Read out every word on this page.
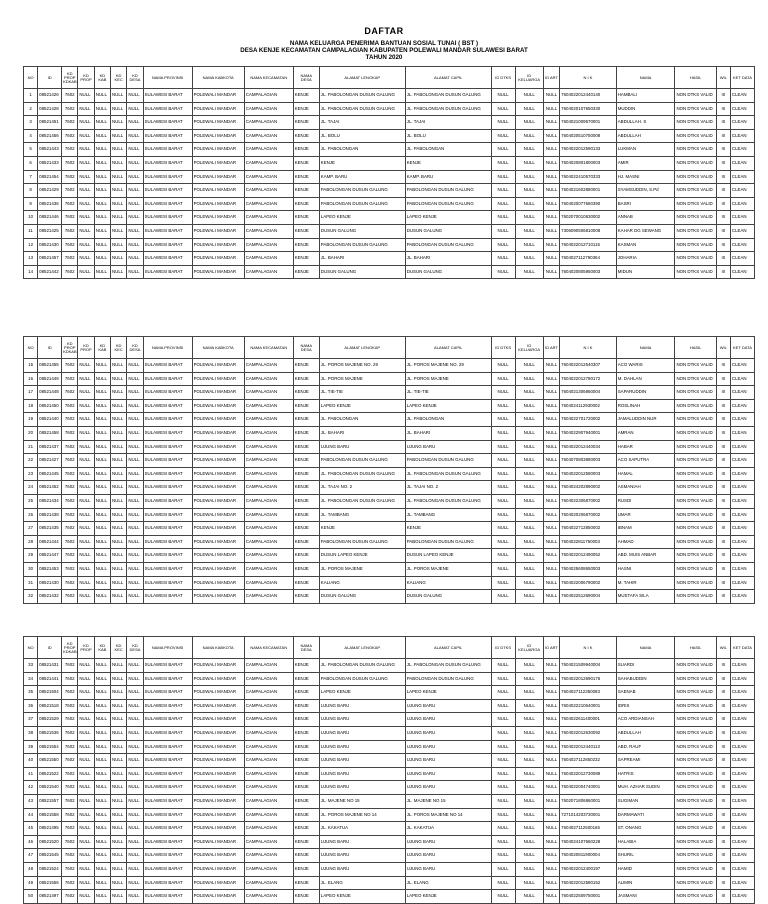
DAFTAR
NAMA KELUARGA PENERIMA BANTUAN SOSIAL TUNAI ( BST )
DESA KENJE KECAMATAN CAMPALAGIAN KABUPATEN POLEWALI MANDAR SULAWESI BARAT
TAHUN 2020
NO	ID	KD PROP KDKAB	KD PROP	KD KAB	KD KEC	KD DESA	NAMA PROVINSI	NAMA KABKOTA	NAMA KECAMATAN	NAMA DESA	ALAMAT LENGKAP	ALAMAT CAPIL	ID DTKS	ID KELUARGA	ID ART	N I K	NAMA	HASIL	WIL	KET DATA
1	08521426	7602	NULL	NULL	NULL	NULL	SULAWESI BARAT	POLEWALI MANDAR	CAMPALAGIAN	KENJE	JL. PABOLONGAN DUSUN GALUNG	JL. PABOLONGAN DUSUN GALUNG	NULL	NULL	NULL	7604022012440140	HAMBALI	NON DTKS VALID	III	CLEAN
2	08521428	7602	NULL	NULL	NULL	NULL	SULAWESI BARAT	POLEWALI MANDAR	CAMPALAGIAN	KENJE	JL. PABOLONGAN DUSUN GALUNG	JL. PABOLONGAN DUSUN GALUNG	NULL	NULL	NULL	7604020107650330	MUDDIN	NON DTKS VALID	III	CLEAN
3	08521451	7602	NULL	NULL	NULL	NULL	SULAWESI BARAT	POLEWALI MANDAR	CAMPALAGIAN	KENJE	JL. TAJAI	JL. TAJAI	NULL	NULL	NULL	7604021009570001	ABDULLAH. S	NON DTKS VALID	III	CLEAN
4	08521456	7602	NULL	NULL	NULL	NULL	SULAWESI BARAT	POLEWALI MANDAR	CAMPALAGIAN	KENJE	JL. BOLU	JL. BOLU	NULL	NULL	NULL	7604020510750008	ABDULLAH	NON DTKS VALID	III	CLEAN
5	08521443	7602	NULL	NULL	NULL	NULL	SULAWESI BARAT	POLEWALI MANDAR	CAMPALAGIAN	KENJE	JL. PABOLONGAN	JL. PABOLONGAN	NULL	NULL	NULL	7604022012590133	LUKMAN	NON DTKS VALID	III	CLEAN
6	08521433	7602	NULL	NULL	NULL	NULL	SULAWESI BARAT	POLEWALI MANDAR	CAMPALAGIAN	KENJE	KENJE	KENJE	NULL	NULL	NULL	7604020801800003	AMIR	NON DTKS VALID	III	CLEAN
7	08521454	7602	NULL	NULL	NULL	NULL	SULAWESI BARAT	POLEWALI MANDAR	CAMPALAGIAN	KENJE	KAMP. BARU	KAMP. BARU	NULL	NULL	NULL	7604022410570333	HJ. MASNI	NON DTKS VALID	III	CLEAN
8	08521429	7602	NULL	NULL	NULL	NULL	SULAWESI BARAT	POLEWALI MANDAR	CAMPALAGIAN	KENJE	PABOLONGAN DUSUN GALUNG	PABOLONGAN DUSUN GALUNG	NULL	NULL	NULL	7604021602880001	SYAMSUDDIN, S.Pd	NON DTKS VALID	III	CLEAN
9	08521436	7602	NULL	NULL	NULL	NULL	SULAWESI BARAT	POLEWALI MANDAR	CAMPALAGIAN	KENJE	PABOLONGAN DUSUN GALUNG	PABOLONGAN DUSUN GALUNG	NULL	NULL	NULL	7604020077660390	BASRI	NON DTKS VALID	III	CLEAN
10	08521446	7602	NULL	NULL	NULL	NULL	SULAWESI BARAT	POLEWALI MANDAR	CAMPALAGIAN	KENJE	LAPEO KENJE	LAPEO KENJE	NULL	NULL	NULL	7602070010830002	ANNAB	NON DTKS VALID	III	CLEAN
11	08521425	7602	NULL	NULL	NULL	NULL	SULAWESI BARAT	POLEWALI MANDAR	CAMPALAGIAN	KENJE	DUSUN GALUNG	DUSUN GALUNG	NULL	NULL	NULL	7306090506810008	KAHAR DG SEWANG	NON DTKS VALID	III	CLEAN
12	08521430	7602	NULL	NULL	NULL	NULL	SULAWESI BARAT	POLEWALI MANDAR	CAMPALAGIAN	KENJE	PABOLONGAN DUSUN GALUNG	PABOLONGAN DUSUN GALUNG	NULL	NULL	NULL	7604022012710115	KASMAN	NON DTKS VALID	III	CLEAN
13	08521457	7602	NULL	NULL	NULL	NULL	SULAWESI BARAT	POLEWALI MANDAR	CAMPALAGIAN	KENJE	JL. BAHARI	JL. BAHARI	NULL	NULL	NULL	7604027112790364	JOHARIA	NON DTKS VALID	III	CLEAN
14	08521442	7602	NULL	NULL	NULL	NULL	SULAWESI BARAT	POLEWALI MANDAR	CAMPALAGIAN	KENJE	DUSUN GALUNG	DUSUN GALUNG	NULL	NULL	NULL	7604020805950003	MIDUN	NON DTKS VALID	III	CLEAN
NO	ID	KD PROP KDKAB	KD PROP	KD KAB	KD KEC	KD DESA	NAMA PROVINSI	NAMA KABKOTA	NAMA KECAMATAN	NAMA DESA	ALAMAT LENGKAP	ALAMAT CAPIL	ID DTKS	ID KELUARGA	ID ART	N I K	NAMA	HASIL	WIL	KET DATA
15	08521455	7602	NULL	NULL	NULL	NULL	SULAWESI BARAT	POLEWALI MANDAR	CAMPALAGIAN	KENJE	JL. POROS MAJENE NO. 29	JL. POROS MAJENE NO. 29	NULL	NULL	NULL	7604022012540307	ACO WARIS	NON DTKS VALID	III	CLEAN
16	08521449	7602	NULL	NULL	NULL	NULL	SULAWESI BARAT	POLEWALI MANDAR	CAMPALAGIAN	KENJE	JL. POROS MAJENE	JL. POROS MAJENE	NULL	NULL	NULL	7604022012780172	M. DAHLAN	NON DTKS VALID	III	CLEAN
17	08521448	7602	NULL	NULL	NULL	NULL	SULAWESI BARAT	POLEWALI MANDAR	CAMPALAGIAN	KENJE	JL. TIE-TIE	JL. TIE-TIE	NULL	NULL	NULL	7604021306860004	SAPARUDDIN	NON DTKS VALID	III	CLEAN
18	08521450	7602	NULL	NULL	NULL	NULL	SULAWESI BARAT	POLEWALI MANDAR	CAMPALAGIAN	KENJE	LAPEO KENJE	LAPEO KENJE	NULL	NULL	NULL	7604024112930002	ROSLINAH	NON DTKS VALID	III	CLEAN
19	08521440	7602	NULL	NULL	NULL	NULL	SULAWESI BARAT	POLEWALI MANDAR	CAMPALAGIAN	KENJE	JL. PABOLONGAN	JL. PABOLONGAN	NULL	NULL	NULL	7604022701720002	JAMALUDDIN NUR	NON DTKS VALID	III	CLEAN
20	08521458	7602	NULL	NULL	NULL	NULL	SULAWESI BARAT	POLEWALI MANDAR	CAMPALAGIAN	KENJE	JL. BAHARI	JL. BAHARI	NULL	NULL	NULL	7604022907940001	AMRAN	NON DTKS VALID	III	CLEAN
21	08521437	7602	NULL	NULL	NULL	NULL	SULAWESI BARAT	POLEWALI MANDAR	CAMPALAGIAN	KENJE	UJUNG BARU	UJUNG BARU	NULL	NULL	NULL	7604022012440034	HABAR	NON DTKS VALID	III	CLEAN
22	08521427	7602	NULL	NULL	NULL	NULL	SULAWESI BARAT	POLEWALI MANDAR	CAMPALAGIAN	KENJE	PABOLONGAN DUSUN GALUNG	PABOLONGAN DUSUN GALUNG	NULL	NULL	NULL	7604070803880003	ACO SAPUTRA	NON DTKS VALID	III	CLEAN
23	08521445	7602	NULL	NULL	NULL	NULL	SULAWESI BARAT	POLEWALI MANDAR	CAMPALAGIAN	KENJE	JL. PABOLONGAN DUSUN GALUNG	JL. PABOLONGAN DUSUN GALUNG	NULL	NULL	NULL	7604022012580003	HAMAL	NON DTKS VALID	III	CLEAN
24	08521452	7602	NULL	NULL	NULL	NULL	SULAWESI BARAT	POLEWALI MANDAR	CAMPALAGIAN	KENJE	JL. TAJAI NO. 2	JL. TAJAI NO. 2	NULL	NULL	NULL	7604024202890002	ASMANIAH	NON DTKS VALID	III	CLEAN
25	08521434	7602	NULL	NULL	NULL	NULL	SULAWESI BARAT	POLEWALI MANDAR	CAMPALAGIAN	KENJE	JL. PABOLONGAN DUSUN GALUNG	JL. PABOLONGAN DUSUN GALUNG	NULL	NULL	NULL	7604022306870002	RUSDI	NON DTKS VALID	III	CLEAN
26	08521438	7602	NULL	NULL	NULL	NULL	SULAWESI BARAT	POLEWALI MANDAR	CAMPALAGIAN	KENJE	JL. TAMBANG	JL. TAMBANG	NULL	NULL	NULL	7604020206870002	UMAR	NON DTKS VALID	III	CLEAN
27	08521435	7602	NULL	NULL	NULL	NULL	SULAWESI BARAT	POLEWALI MANDAR	CAMPALAGIAN	KENJE	KENJE	KENJE	NULL	NULL	NULL	7604022712850002	IBNAM	NON DTKS VALID	III	CLEAN
28	08521444	7602	NULL	NULL	NULL	NULL	SULAWESI BARAT	POLEWALI MANDAR	CAMPALAGIAN	KENJE	PABOLONGAN DUSUN GALUNG	PABOLONGAN DUSUN GALUNG	NULL	NULL	NULL	7604022811750003	AHMAD	NON DTKS VALID	III	CLEAN
29	08521447	7602	NULL	NULL	NULL	NULL	SULAWESI BARAT	POLEWALI MANDAR	CAMPALAGIAN	KENJE	DUSUN LAPEO KENJE	DUSUN LAPEO KENJE	NULL	NULL	NULL	7604022012490052	ABD. MUIS ANBAR	NON DTKS VALID	III	CLEAN
30	08521453	7602	NULL	NULL	NULL	NULL	SULAWESI BARAT	POLEWALI MANDAR	CAMPALAGIAN	KENJE	JL. POROS MAJENE	JL. POROS MAJENE	NULL	NULL	NULL	7604025608650003	HASNI	NON DTKS VALID	III	CLEAN
31	08521430	7602	NULL	NULL	NULL	NULL	SULAWESI BARAT	POLEWALI MANDAR	CAMPALAGIAN	KENJE	KALIANG	KALIANG	NULL	NULL	NULL	7604022006790002	M. TAHIR	NON DTKS VALID	III	CLEAN
32	08521432	7602	NULL	NULL	NULL	NULL	SULAWESI BARAT	POLEWALI MANDAR	CAMPALAGIAN	KENJE	DUSUN GALUNG	DUSUN GALUNG	NULL	NULL	NULL	7604022512690004	MUSTAFA SILA	NON DTKS VALID	III	CLEAN
NO	ID	KD PROP KDKAB	KD PROP	KD KAB	KD KEC	KD DESA	NAMA PROVINSI	NAMA KABKOTA	NAMA KECAMATAN	NAMA DESA	ALAMAT LENGKAP	ALAMAT CAPIL	ID DTKS	ID KELUARGA	ID ART	N I K	NAMA	HASIL	WIL	KET DATA
33	08521431	7602	NULL	NULL	NULL	NULL	SULAWESI BARAT	POLEWALI MANDAR	CAMPALAGIAN	KENJE	JL. PABOLONGAN DUSUN GALUNG	JL. PABOLONGAN DUSUN GALUNG	NULL	NULL	NULL	7604021509940004	SUARDI	NON DTKS VALID	III	CLEAN
34	08521441	7602	NULL	NULL	NULL	NULL	SULAWESI BARAT	POLEWALI MANDAR	CAMPALAGIAN	KENJE	PABOLONGAN DUSUN GALUNG	PABOLONGAN DUSUN GALUNG	NULL	NULL	NULL	7604022012690176	SAHABUDDIN	NON DTKS VALID	III	CLEAN
35	08521504	7602	NULL	NULL	NULL	NULL	SULAWESI BARAT	POLEWALI MANDAR	CAMPALAGIAN	KENJE	LAPEO KENJE	LAPEO KENJE	NULL	NULL	NULL	7604027112350083	SAENAB	NON DTKS VALID	III	CLEAN
36	08521518	7602	NULL	NULL	NULL	NULL	SULAWESI BARAT	POLEWALI MANDAR	CAMPALAGIAN	KENJE	UJUNG BARU	UJUNG BARU	NULL	NULL	NULL	7604022210640001	IDRIS	NON DTKS VALID	III	CLEAN
37	08521529	7602	NULL	NULL	NULL	NULL	SULAWESI BARAT	POLEWALI MANDAR	CAMPALAGIAN	KENJE	UJUNG BARU	UJUNG BARU	NULL	NULL	NULL	7604022611400001	ACO ARDIANSAH	NON DTKS VALID	III	CLEAN
38	08521536	7602	NULL	NULL	NULL	NULL	SULAWESI BARAT	POLEWALI MANDAR	CAMPALAGIAN	KENJE	UJUNG BARU	UJUNG BARU	NULL	NULL	NULL	7604022012630092	ABDULLAH	NON DTKS VALID	III	CLEAN
39	08521554	7602	NULL	NULL	NULL	NULL	SULAWESI BARAT	POLEWALI MANDAR	CAMPALAGIAN	KENJE	UJUNG BARU	UJUNG BARU	NULL	NULL	NULL	7604022012440113	ABD. RAUF	NON DTKS VALID	III	CLEAN
40	08521550	7602	NULL	NULL	NULL	NULL	SULAWESI BARAT	POLEWALI MANDAR	CAMPALAGIAN	KENJE	UJUNG BARU	UJUNG BARU	NULL	NULL	NULL	7604027112850232	SAPREAMI	NON DTKS VALID	III	CLEAN
41	08521522	7602	NULL	NULL	NULL	NULL	SULAWESI BARAT	POLEWALI MANDAR	CAMPALAGIAN	KENJE	UJUNG BARU	UJUNG BARU	NULL	NULL	NULL	7604022012730089	HATRIS	NON DTKS VALID	III	CLEAN
42	08521540	7602	NULL	NULL	NULL	NULL	SULAWESI BARAT	POLEWALI MANDAR	CAMPALAGIAN	KENJE	UJUNG BARU	UJUNG BARU	NULL	NULL	NULL	7604022004740001	MUH. AZHAR SUDIN	NON DTKS VALID	III	CLEAN
43	08521557	7602	NULL	NULL	NULL	NULL	SULAWESI BARAT	POLEWALI MANDAR	CAMPALAGIAN	KENJE	JL. MAJENE NO 15	JL. MAJENE NO 15	NULL	NULL	NULL	7602071806860001	SUGIMAN	NON DTKS VALID	III	CLEAN
44	08521558	7602	NULL	NULL	NULL	NULL	SULAWESI BARAT	POLEWALI MANDAR	CAMPALAGIAN	KENJE	JL. POROS MAJENE NO 14	JL. POROS MAJENE NO 14	NULL	NULL	NULL	7271014203730001	DARMAWATI	NON DTKS VALID	III	CLEAN
45	08521495	7602	NULL	NULL	NULL	NULL	SULAWESI BARAT	POLEWALI MANDAR	CAMPALAGIAN	KENJE	JL. KAKATUA	JL. KAKATUA	NULL	NULL	NULL	7604027112500165	ST. ONANG	NON DTKS VALID	III	CLEAN
46	08521520	7602	NULL	NULL	NULL	NULL	SULAWESI BARAT	POLEWALI MANDAR	CAMPALAGIAN	KENJE	UJUNG BARU	UJUNG BARU	NULL	NULL	NULL	7604024107660228	HALABIA	NON DTKS VALID	III	CLEAN
47	08521545	7602	NULL	NULL	NULL	NULL	SULAWESI BARAT	POLEWALI MANDAR	CAMPALAGIAN	KENJE	UJUNG BARU	UJUNG BARU	NULL	NULL	NULL	7604020811900004	SHURIL	NON DTKS VALID	III	CLEAN
48	08521524	7602	NULL	NULL	NULL	NULL	SULAWESI BARAT	POLEWALI MANDAR	CAMPALAGIAN	KENJE	UJUNG BARU	UJUNG BARU	NULL	NULL	NULL	7604022012400197	HAMID	NON DTKS VALID	III	CLEAN
49	08521556	7602	NULL	NULL	NULL	NULL	SULAWESI BARAT	POLEWALI MANDAR	CAMPALAGIAN	KENJE	JL. ELANG	JL. ELANG	NULL	NULL	NULL	7604022012580152	ALIMIN	NON DTKS VALID	III	CLEAN
50	08521497	7602	NULL	NULL	NULL	NULL	SULAWESI BARAT	POLEWALI MANDAR	CAMPALAGIAN	KENJE	LAPEO KENJE	LAPEO KENJE	NULL	NULL	NULL	7604022509750001	JASMANI	NON DTKS VALID	III	CLEAN
